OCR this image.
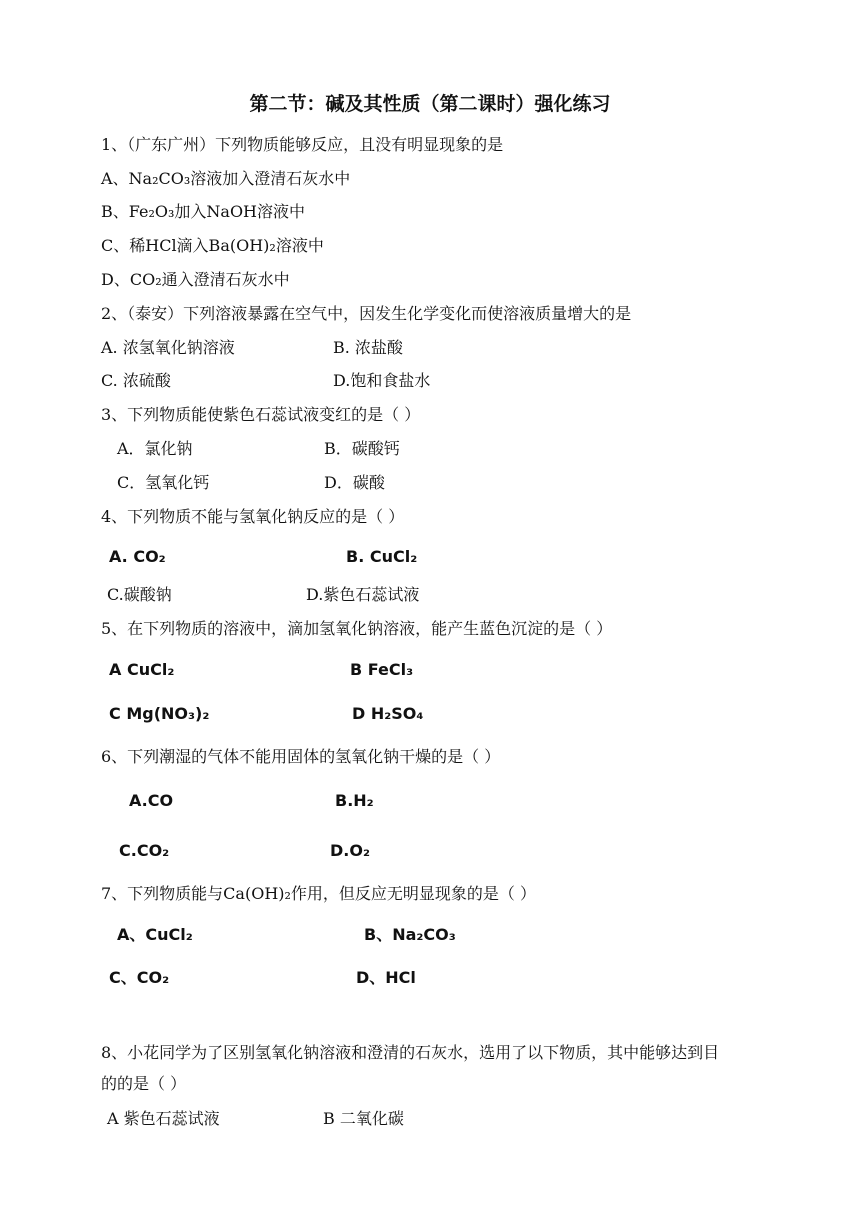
第二节：碱及其性质（第二课时）强化练习
1、（广东广州）下列物质能够反应，且没有明显现象的是
A、Na₂CO₃溶液加入澄清石灰水中
B、Fe₂O₃加入NaOH溶液中
C、稀HCl滴入Ba(OH)₂溶液中
D、CO₂通入澄清石灰水中
2、（泰安）下列溶液暴露在空气中，因发生化学变化而使溶液质量增大的是
A. 浓氢氧化钠溶液	B. 浓盐酸
C. 浓硫酸	D.饱和食盐水
3、下列物质能使紫色石蕊试液变红的是（ ）
A．氯化钠	B．碳酸钙
C．氢氧化钙	D．碳酸
4、下列物质不能与氢氧化钠反应的是（ ）
A. CO₂	B. CuCl₂
C.碳酸钠	D.紫色石蕊试液
5、在下列物质的溶液中，滴加氢氧化钠溶液，能产生蓝色沉淀的是（ ）
A CuCl₂	B FeCl₃
C Mg(NO₃)₂	D H₂SO₄
6、下列潮湿的气体不能用固体的氢氧化钠干燥的是（ ）
A.CO	B.H₂
C.CO₂	D.O₂
7、下列物质能与Ca(OH)₂作用，但反应无明显现象的是（ ）
A、CuCl₂	B、Na₂CO₃
C、CO₂	D、HCl
8、小花同学为了区别氢氧化钠溶液和澄清的石灰水，选用了以下物质，其中能够达到目
的的是（ ）
A 紫色石蕊试液	B 二氧化碳
